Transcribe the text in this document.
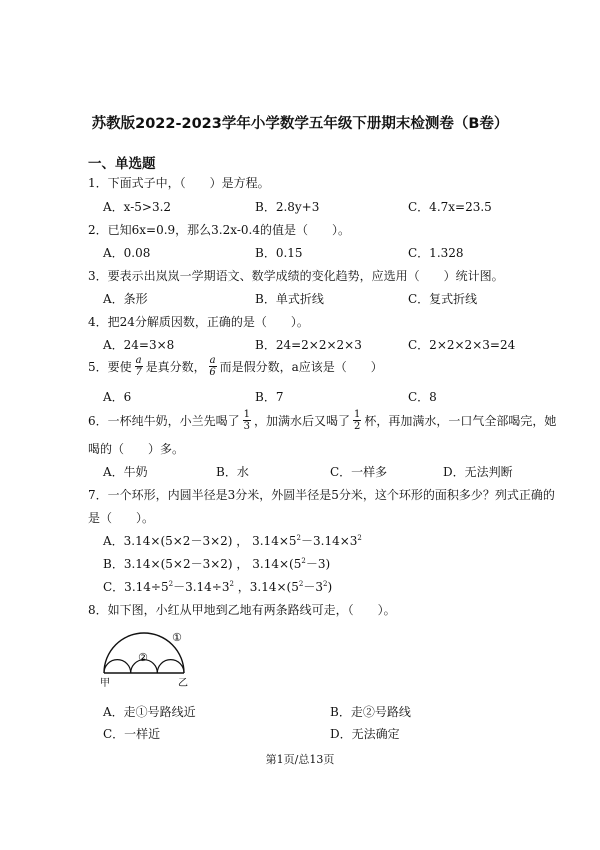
苏教版2022-2023学年小学数学五年级下册期末检测卷（B卷）
一、单选题
1．下面式子中，（　　）是方程。
A．x-5>3.2	B．2.8y+3	C．4.7x=23.5
2．已知6x=0.9，那么3.2x-0.4的值是（　　）。
A．0.08	B．0.15	C．1.328
3．要表示出岚岚一学期语文、数学成绩的变化趋势，应选用（　　）统计图。
A．条形	B．单式折线	C．复式折线
4．把24分解质因数，正确的是（　　）。
A．24=3×8	B．24=2×2×2×3	C．2×2×2×3=24
5．要使 $\frac{a}{7}$ 是真分数， $\frac{a}{6}$ 而是假分数，a应该是（　　）
A．6	B．7	C．8
6．一杯纯牛奶，小兰先喝了 $\frac{1}{3}$ ，加满水后又喝了 $\frac{1}{2}$ 杯，再加满水，一口气全部喝完，她
喝的（　　）多。
A．牛奶	B．水	C．一样多	D．无法判断
7．一个环形，内圆半径是3分米，外圆半径是5分米，这个环形的面积多少？列式正确的
是（　　）。
A．3.14×(5×2－3×2) ， $3.14\times 5^2-3.14\times 3^2$
B．3.14×(5×2－3×2) ， $3.14\times(5^2-3)$
C．$3.14\div 5^2-3.14\div 3^2$ ，$3.14\times(5^2-3^2)$
8．如下图，小红从甲地到乙地有两条路线可走，（　　）。
①
②
甲	乙
A．走①号路线近	B．走②号路线
C．一样近	D．无法确定
第1页/总13页
